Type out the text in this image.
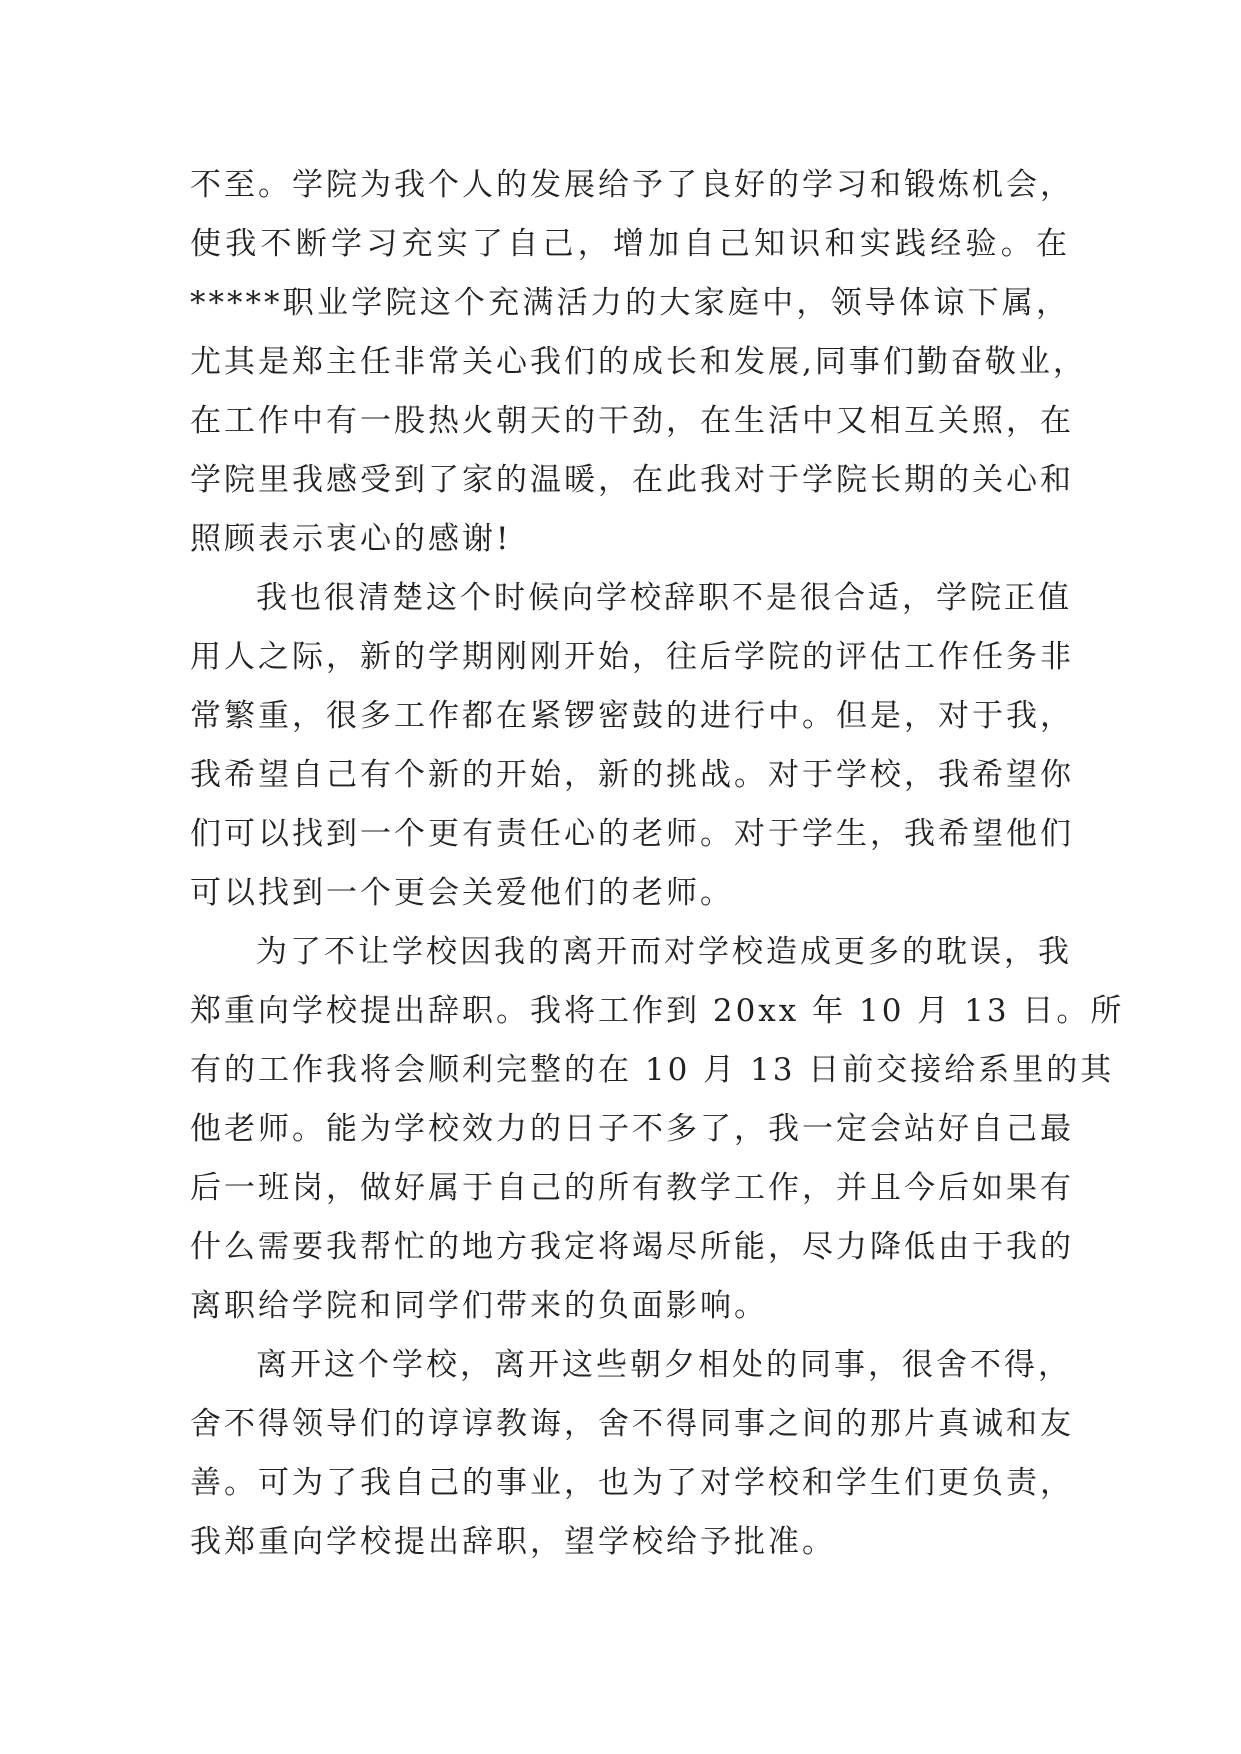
不至。学院为我个人的发展给予了良好的学习和锻炼机会，
使我不断学习充实了自己，增加自己知识和实践经验。在
*****职业学院这个充满活力的大家庭中，领导体谅下属，
尤其是郑主任非常关心我们的成长和发展,同事们勤奋敬业，
在工作中有一股热火朝天的干劲，在生活中又相互关照，在
学院里我感受到了家的温暖，在此我对于学院长期的关心和
照顾表示衷心的感谢!
我也很清楚这个时候向学校辞职不是很合适，学院正值
用人之际，新的学期刚刚开始，往后学院的评估工作任务非
常繁重，很多工作都在紧锣密鼓的进行中。但是，对于我，
我希望自己有个新的开始，新的挑战。对于学校，我希望你
们可以找到一个更有责任心的老师。对于学生，我希望他们
可以找到一个更会关爱他们的老师。
为了不让学校因我的离开而对学校造成更多的耽误，我
郑重向学校提出辞职。我将工作到 20xx 年 10 月 13 日。所
有的工作我将会顺利完整的在 10 月 13 日前交接给系里的其
他老师。能为学校效力的日子不多了，我一定会站好自己最
后一班岗，做好属于自己的所有教学工作，并且今后如果有
什么需要我帮忙的地方我定将竭尽所能，尽力降低由于我的
离职给学院和同学们带来的负面影响。
离开这个学校，离开这些朝夕相处的同事，很舍不得，
舍不得领导们的谆谆教诲，舍不得同事之间的那片真诚和友
善。可为了我自己的事业，也为了对学校和学生们更负责，
我郑重向学校提出辞职，望学校给予批准。
